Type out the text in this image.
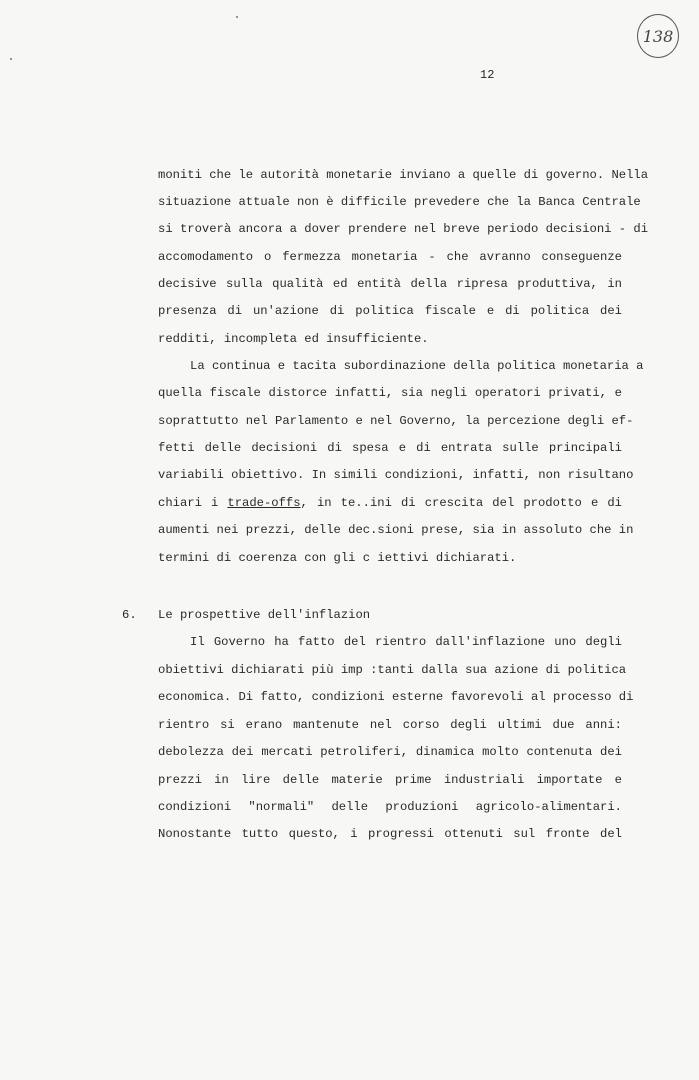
138
12
moniti che le autorità monetarie inviano a quelle di governo. Nella
situazione attuale non è difficile prevedere che la Banca Centrale
si troverà ancora a dover prendere nel breve periodo decisioni - di
accomodamento o fermezza monetaria - che avranno conseguenze
decisive sulla qualità ed entità della ripresa produttiva, in
presenza di un'azione di politica fiscale e di politica dei
redditi, incompleta ed insufficiente.
La continua e tacita subordinazione della politica monetaria a
quella fiscale distorce infatti, sia negli operatori privati, e
soprattutto nel Parlamento e nel Governo, la percezione degli ef-
fetti delle decisioni di spesa e di entrata sulle principali
variabili obiettivo. In simili condizioni, infatti, non risultano
chiari i trade-offs, in te..ini di crescita del prodotto e di
aumenti nei prezzi, delle dec.sioni prese, sia in assoluto che in
termini di coerenza con gli c iettivi dichiarati.
6. Le prospettive dell'inflazion
Il Governo ha fatto del rientro dall'inflazione uno degli
obiettivi dichiarati più imp :tanti dalla sua azione di politica
economica. Di fatto, condizioni esterne favorevoli al processo di
rientro si erano mantenute nel corso degli ultimi due anni:
debolezza dei mercati petroliferi, dinamica molto contenuta dei
prezzi in lire delle materie prime industriali importate e
condizioni "normali" delle produzioni agricolo-alimentari.
Nonostante tutto questo, i progressi ottenuti sul fronte del
